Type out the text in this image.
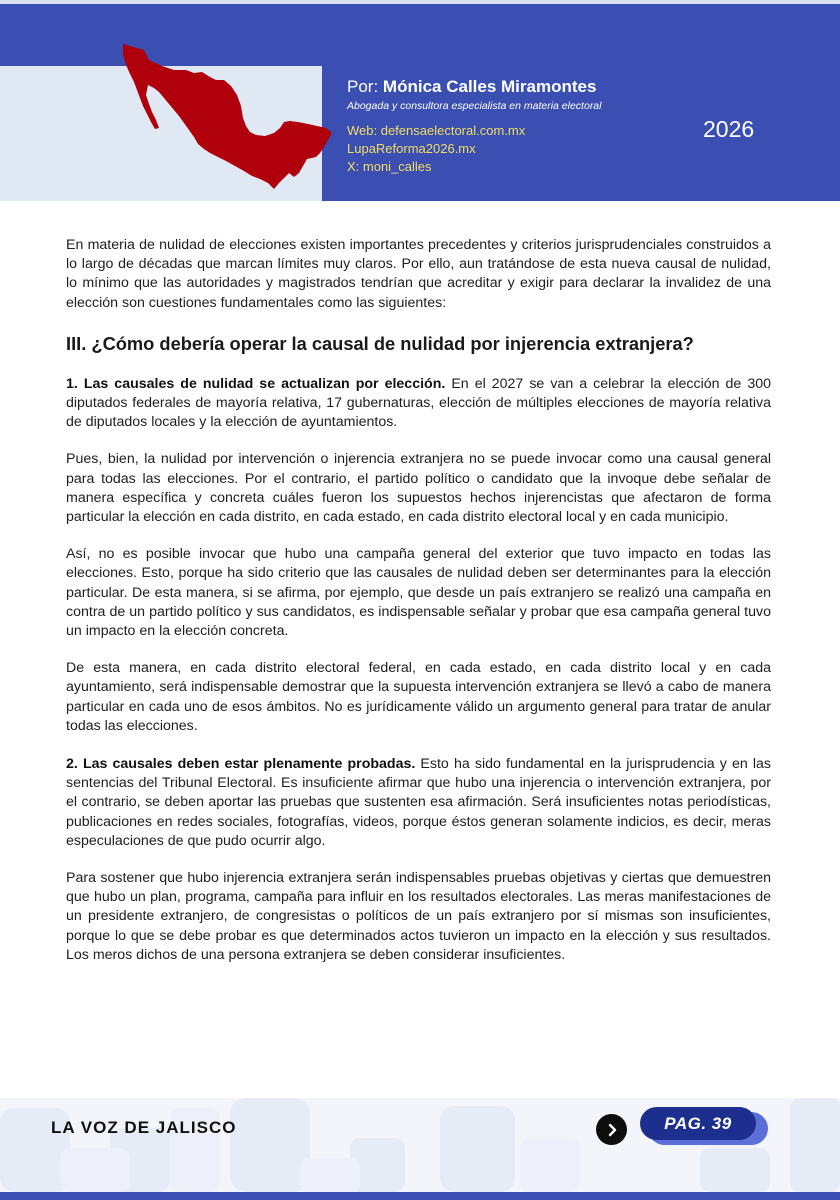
Por: Mónica Calles Miramontes
Abogada y consultora especialista en materia electoral
Web: defensaelectoral.com.mx
LupaReforma2026.mx
X: moni_calles
2026

En materia de nulidad de elecciones existen importantes precedentes y criterios jurisprudenciales construidos a lo largo de décadas que marcan límites muy claros. Por ello, aun tratándose de esta nueva causal de nulidad, lo mínimo que las autoridades y magistrados tendrían que acreditar y exigir para declarar la invalidez de una elección son cuestiones fundamentales como las siguientes:

III. ¿Cómo debería operar la causal de nulidad por injerencia extranjera?

1. Las causales de nulidad se actualizan por elección. En el 2027 se van a celebrar la elección de 300 diputados federales de mayoría relativa, 17 gubernaturas, elección de múltiples elecciones de mayoría relativa de diputados locales y la elección de ayuntamientos.

Pues, bien, la nulidad por intervención o injerencia extranjera no se puede invocar como una causal general para todas las elecciones. Por el contrario, el partido político o candidato que la invoque debe señalar de manera específica y concreta cuáles fueron los supuestos hechos injerencistas que afectaron de forma particular la elección en cada distrito, en cada estado, en cada distrito electoral local y en cada municipio.

Así, no es posible invocar que hubo una campaña general del exterior que tuvo impacto en todas las elecciones. Esto, porque ha sido criterio que las causales de nulidad deben ser determinantes para la elección particular. De esta manera, si se afirma, por ejemplo, que desde un país extranjero se realizó una campaña en contra de un partido político y sus candidatos, es indispensable señalar y probar que esa campaña general tuvo un impacto en la elección concreta.

De esta manera, en cada distrito electoral federal, en cada estado, en cada distrito local y en cada ayuntamiento, será indispensable demostrar que la supuesta intervención extranjera se llevó a cabo de manera particular en cada uno de esos ámbitos. No es jurídicamente válido un argumento general para tratar de anular todas las elecciones.

2. Las causales deben estar plenamente probadas. Esto ha sido fundamental en la jurisprudencia y en las sentencias del Tribunal Electoral. Es insuficiente afirmar que hubo una injerencia o intervención extranjera, por el contrario, se deben aportar las pruebas que sustenten esa afirmación. Será insuficientes notas periodísticas, publicaciones en redes sociales, fotografías, videos, porque éstos generan solamente indicios, es decir, meras especulaciones de que pudo ocurrir algo.

Para sostener que hubo injerencia extranjera serán indispensables pruebas objetivas y ciertas que demuestren que hubo un plan, programa, campaña para influir en los resultados electorales. Las meras manifestaciones de un presidente extranjero, de congresistas o políticos de un país extranjero por sí mismas son insuficientes, porque lo que se debe probar es que determinados actos tuvieron un impacto en la elección y sus resultados. Los meros dichos de una persona extranjera se deben considerar insuficientes.

LA VOZ DE JALISCO	PAG. 39
